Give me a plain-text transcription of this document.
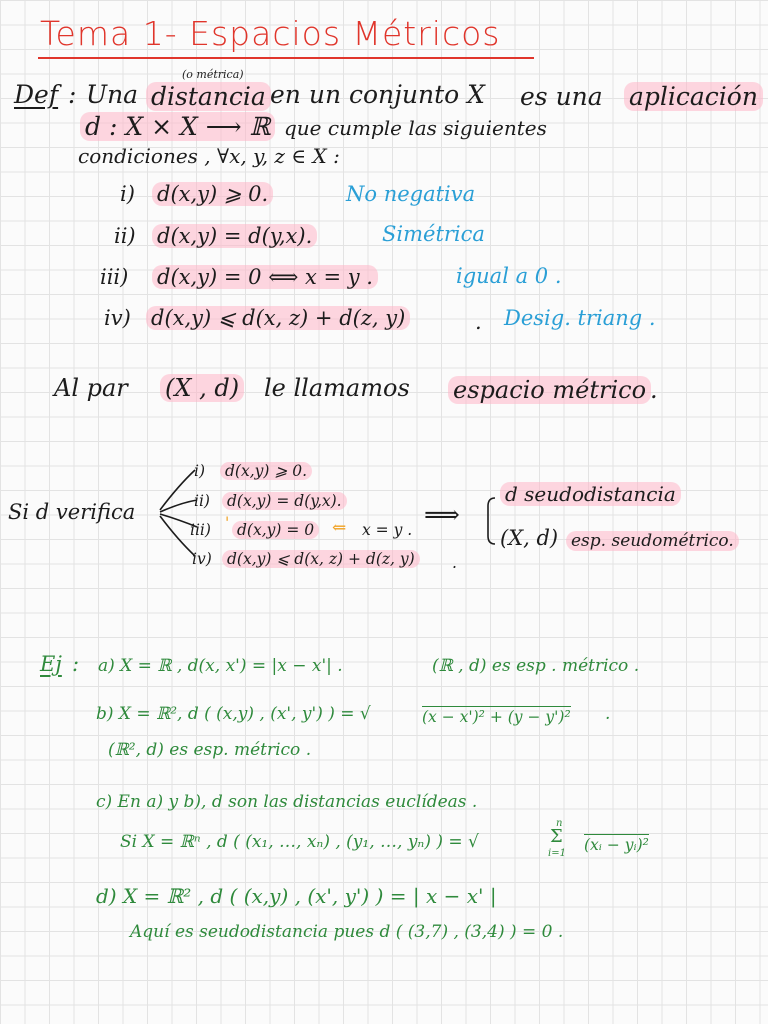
Tema 1- Espacios Métricos
Def : Una
(o métrica)
distancia en un conjunto X es una aplicación
d : X × X ⟶ ℝ que cumple las siguientes
condiciones , ∀x, y, z ∈ X :
i) d(x,y) ⩾ 0.	No negativa
ii) d(x,y) = d(y,x).	Simétrica
iii) d(x,y) = 0 ⟺ x = y .	igual a 0 .
iv) d(x,y) ⩽ d(x, z) + d(z, y)	. Desig. triang .
Al par (X , d) le llamamos espacio métrico .
Si d verifica
i)	d(x,y) ⩾ 0.
ii)	d(x,y) = d(y,x).
iii) ' d(x,y) = 0 ⇐ x = y .
iv) d(x,y) ⩽ d(x, z) + d(z, y)	.
⟹
d seudodistancia
(X, d) esp. seudométrico.
Ej : a) X = ℝ , d(x, x') = |x − x'| .	(ℝ , d) es esp . métrico .
b) X = ℝ², d ( (x,y) , (x', y') ) = √	(x − x')² + (y − y')² .
(ℝ², d) es esp. métrico .
c) En a) y b), d son las distancias euclídeas .
Si X = ℝⁿ , d ( (x₁, …, xₙ) , (y₁, …, yₙ) ) = √
n
Σ
i=1 (xᵢ − yᵢ)²
d) X = ℝ² , d ( (x,y) , (x', y') ) = | x − x' |
Aquí es seudodistancia pues d ( (3,7) , (3,4) ) = 0 .
